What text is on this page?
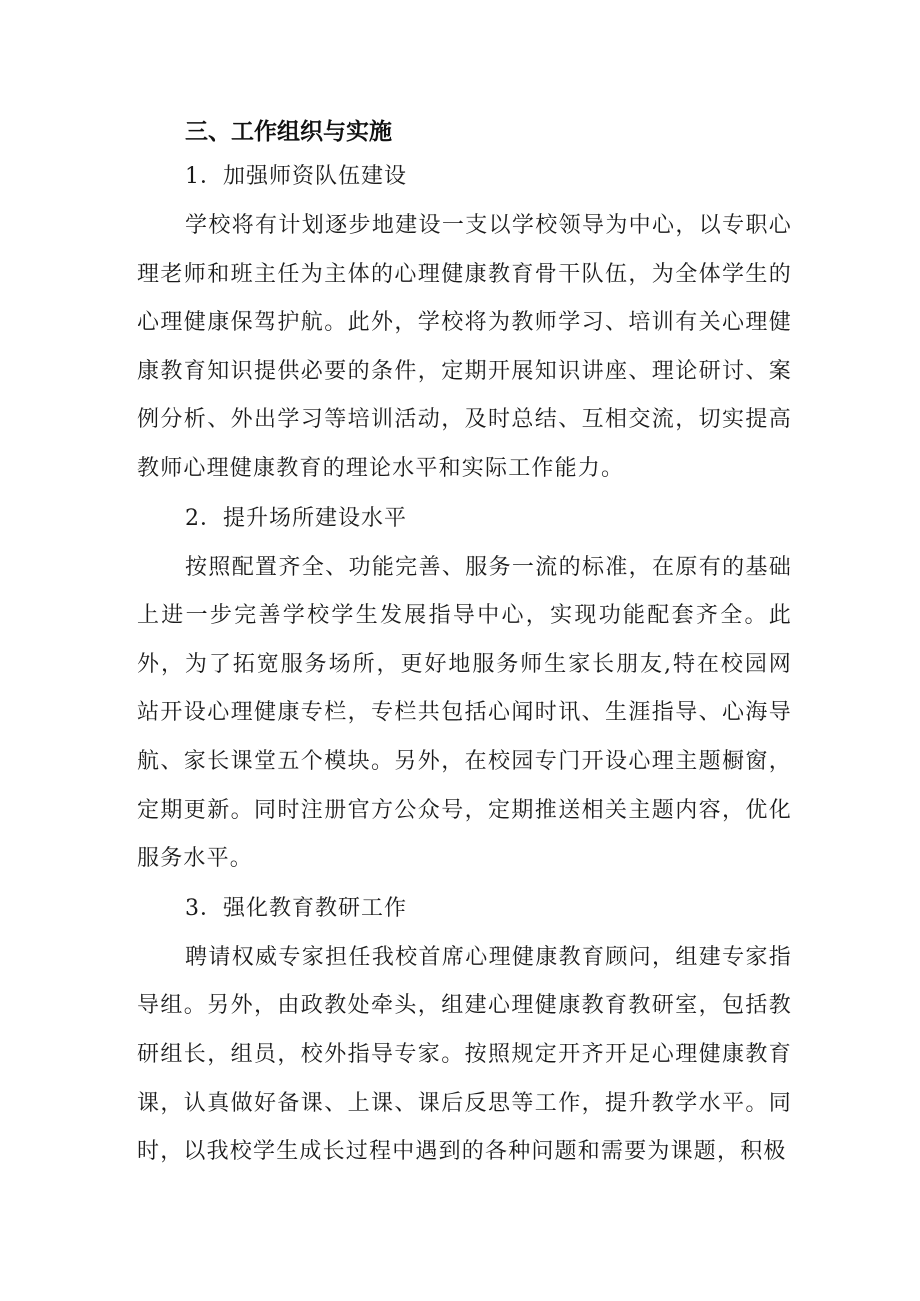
三、工作组织与实施
1．加强师资队伍建设

学校将有计划逐步地建设一支以学校领导为中心，以专职心理老师和班主任为主体的心理健康教育骨干队伍，为全体学生的心理健康保驾护航。此外，学校将为教师学习、培训有关心理健康教育知识提供必要的条件，定期开展知识讲座、理论研讨、案例分析、外出学习等培训活动，及时总结、互相交流，切实提高教师心理健康教育的理论水平和实际工作能力。

2．提升场所建设水平

按照配置齐全、功能完善、服务一流的标准，在原有的基础上进一步完善学校学生发展指导中心，实现功能配套齐全。此外，为了拓宽服务场所，更好地服务师生家长朋友,特在校园网站开设心理健康专栏，专栏共包括心闻时讯、生涯指导、心海导航、家长课堂五个模块。另外，在校园专门开设心理主题橱窗，定期更新。同时注册官方公众号，定期推送相关主题内容，优化服务水平。

3．强化教育教研工作

聘请权威专家担任我校首席心理健康教育顾问，组建专家指导组。另外，由政教处牵头，组建心理健康教育教研室，包括教研组长，组员，校外指导专家。按照规定开齐开足心理健康教育课，认真做好备课、上课、课后反思等工作，提升教学水平。同时，以我校学生成长过程中遇到的各种问题和需要为课题，积极
